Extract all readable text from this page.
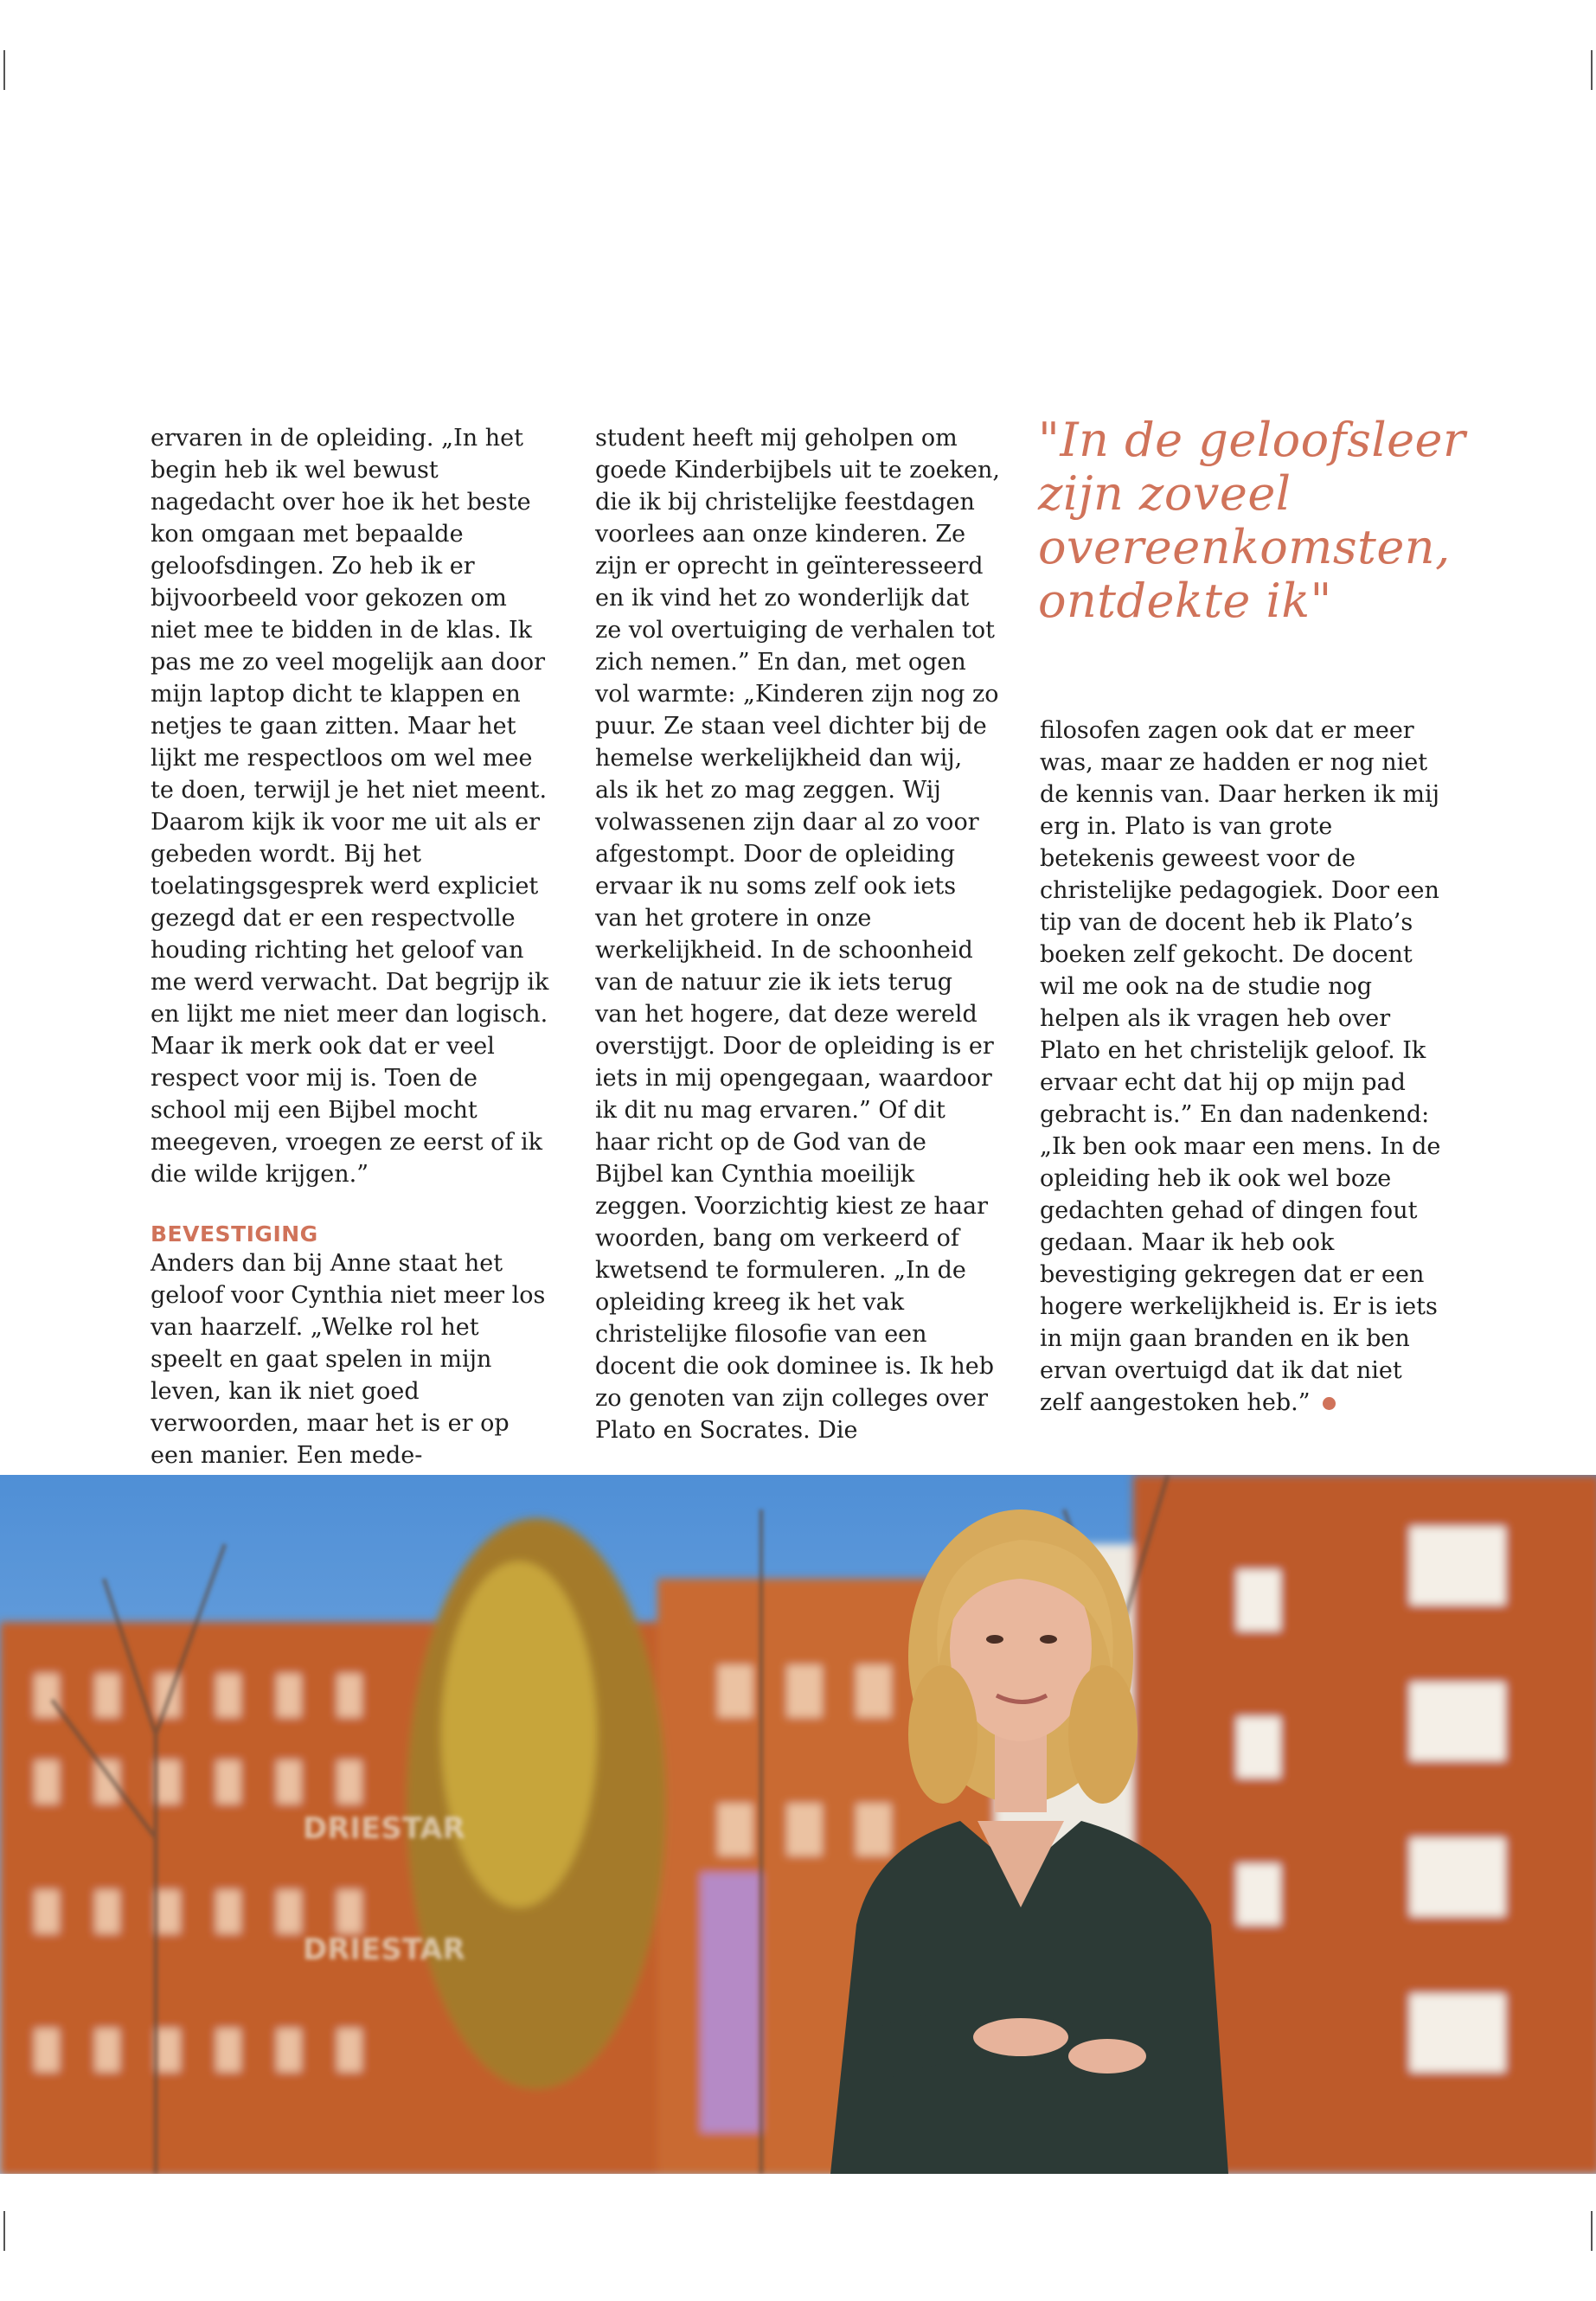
ervaren in de opleiding. „In het begin heb ik wel bewust nagedacht over hoe ik het beste kon omgaan met bepaalde geloofsdingen. Zo heb ik er bijvoorbeeld voor gekozen om niet mee te bidden in de klas. Ik pas me zo veel mogelijk aan door mijn laptop dicht te klappen en netjes te gaan zitten. Maar het lijkt me respectloos om wel mee te doen, terwijl je het niet meent. Daarom kijk ik voor me uit als er gebeden wordt. Bij het toelatingsgesprek werd expliciet gezegd dat er een respectvolle houding richting het geloof van me werd verwacht. Dat begrijp ik en lijkt me niet meer dan logisch. Maar ik merk ook dat er veel respect voor mij is. Toen de school mij een Bijbel mocht meegeven, vroegen ze eerst of ik die wilde krijgen.”

BEVESTIGING

Anders dan bij Anne staat het geloof voor Cynthia niet meer los van haarzelf. „Welke rol het speelt en gaat spelen in mijn leven, kan ik niet goed verwoorden, maar het is er op een manier. Een mede-

student heeft mij geholpen om goede Kinderbijbels uit te zoeken, die ik bij christelijke feestdagen voorlees aan onze kinderen. Ze zijn er oprecht in geïnteresseerd en ik vind het zo wonderlijk dat ze vol overtuiging de verhalen tot zich nemen.” En dan, met ogen vol warmte: „Kinderen zijn nog zo puur. Ze staan veel dichter bij de hemelse werkelijkheid dan wij, als ik het zo mag zeggen. Wij volwassenen zijn daar al zo voor afgestompt. Door de opleiding ervaar ik nu soms zelf ook iets van het grotere in onze werkelijkheid. In de schoonheid van de natuur zie ik iets terug van het hogere, dat deze wereld overstijgt. Door de opleiding is er iets in mij opengegaan, waardoor ik dit nu mag ervaren.” Of dit haar richt op de God van de Bijbel kan Cynthia moeilijk zeggen. Voorzichtig kiest ze haar woorden, bang om verkeerd of kwetsend te formuleren. „In de opleiding kreeg ik het vak christelijke filosofie van een docent die ook dominee is. Ik heb zo genoten van zijn colleges over Plato en Socrates. Die

"In de geloofsleer zijn zoveel overeenkomsten, ontdekte ik"

filosofen zagen ook dat er meer was, maar ze hadden er nog niet de kennis van. Daar herken ik mij erg in. Plato is van grote betekenis geweest voor de christelijke pedagogiek. Door een tip van de docent heb ik Plato’s boeken zelf gekocht. De docent wil me ook na de studie nog helpen als ik vragen heb over Plato en het christelijk geloof. Ik ervaar echt dat hij op mijn pad gebracht is.” En dan nadenkend: „Ik ben ook maar een mens. In de opleiding heb ik ook wel boze gedachten gehad of dingen fout gedaan. Maar ik heb ook bevestiging gekregen dat er een hogere werkelijkheid is. Er is iets in mijn gaan branden en ik ben ervan overtuigd dat ik dat niet zelf aangestoken heb.”

DRIESTAR
DRIESTAR
